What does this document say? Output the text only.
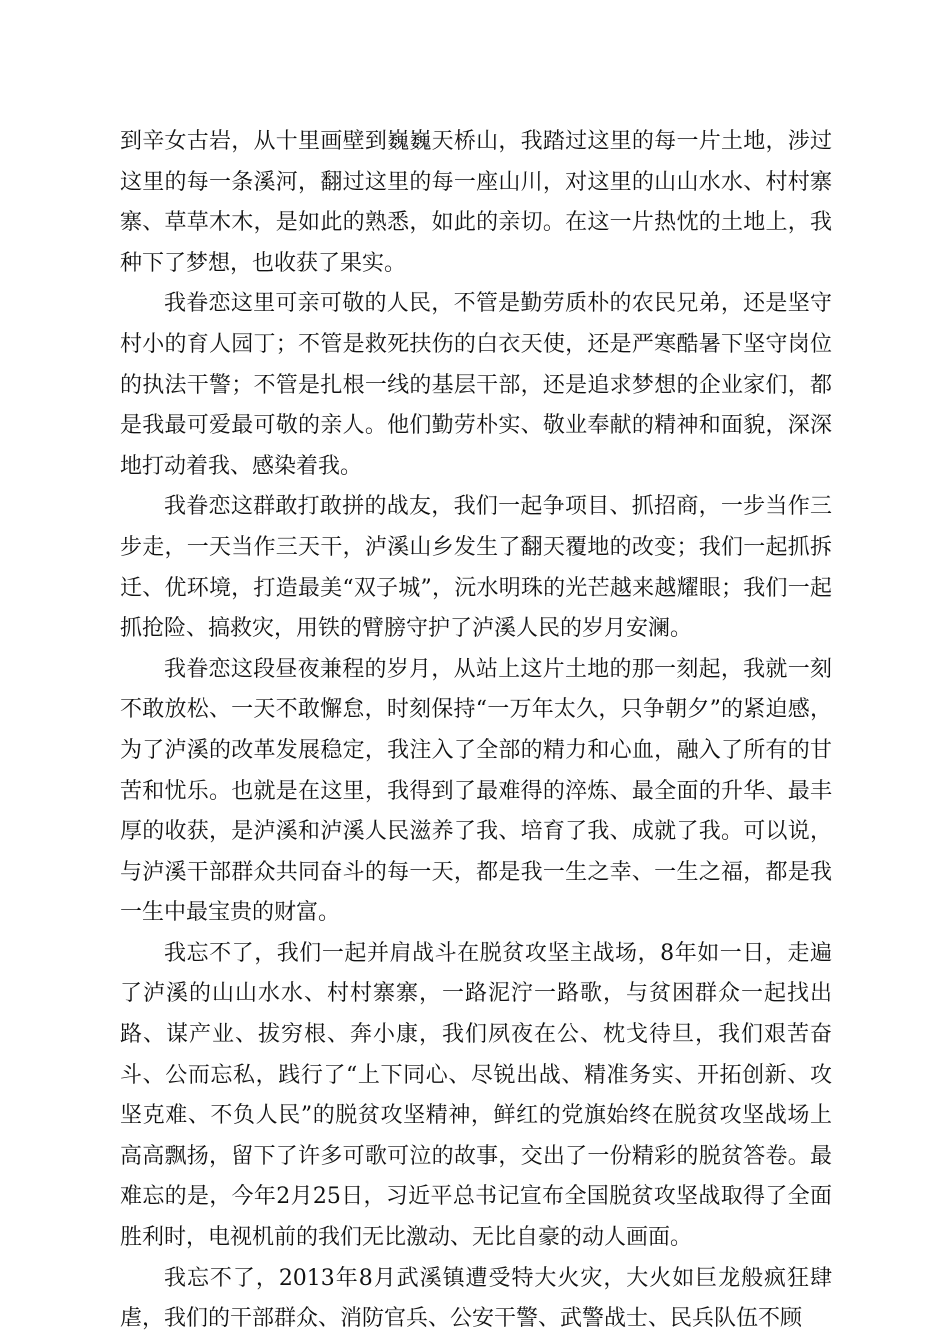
到辛女古岩，从十里画壁到巍巍天桥山，我踏过这里的每一片土地，涉过这里的每一条溪河，翻过这里的每一座山川，对这里的山山水水、村村寨寨、草草木木，是如此的熟悉，如此的亲切。在这一片热忱的土地上，我种下了梦想，也收获了果实。

我眷恋这里可亲可敬的人民，不管是勤劳质朴的农民兄弟，还是坚守村小的育人园丁；不管是救死扶伤的白衣天使，还是严寒酷暑下坚守岗位的执法干警；不管是扎根一线的基层干部，还是追求梦想的企业家们，都是我最可爱最可敬的亲人。他们勤劳朴实、敬业奉献的精神和面貌，深深地打动着我、感染着我。

我眷恋这群敢打敢拼的战友，我们一起争项目、抓招商，一步当作三步走，一天当作三天干，泸溪山乡发生了翻天覆地的改变；我们一起抓拆迁、优环境，打造最美“双子城”，沅水明珠的光芒越来越耀眼；我们一起抓抢险、搞救灾，用铁的臂膀守护了泸溪人民的岁月安澜。

我眷恋这段昼夜兼程的岁月，从站上这片土地的那一刻起，我就一刻不敢放松、一天不敢懈怠，时刻保持“一万年太久，只争朝夕”的紧迫感，为了泸溪的改革发展稳定，我注入了全部的精力和心血，融入了所有的甘苦和忧乐。也就是在这里，我得到了最难得的淬炼、最全面的升华、最丰厚的收获，是泸溪和泸溪人民滋养了我、培育了我、成就了我。可以说，与泸溪干部群众共同奋斗的每一天，都是我一生之幸、一生之福，都是我一生中最宝贵的财富。

我忘不了，我们一起并肩战斗在脱贫攻坚主战场，8年如一日，走遍了泸溪的山山水水、村村寨寨，一路泥泞一路歌，与贫困群众一起找出路、谋产业、拔穷根、奔小康，我们夙夜在公、枕戈待旦，我们艰苦奋斗、公而忘私，践行了“上下同心、尽锐出战、精准务实、开拓创新、攻坚克难、不负人民”的脱贫攻坚精神，鲜红的党旗始终在脱贫攻坚战场上高高飘扬，留下了许多可歌可泣的故事，交出了一份精彩的脱贫答卷。最难忘的是，今年2月25日，习近平总书记宣布全国脱贫攻坚战取得了全面胜利时，电视机前的我们无比激动、无比自豪的动人画面。

我忘不了，2013年8月武溪镇遭受特大火灾，大火如巨龙般疯狂肆虐，我们的干部群众、消防官兵、公安干警、武警战士、民兵队伍不顾
